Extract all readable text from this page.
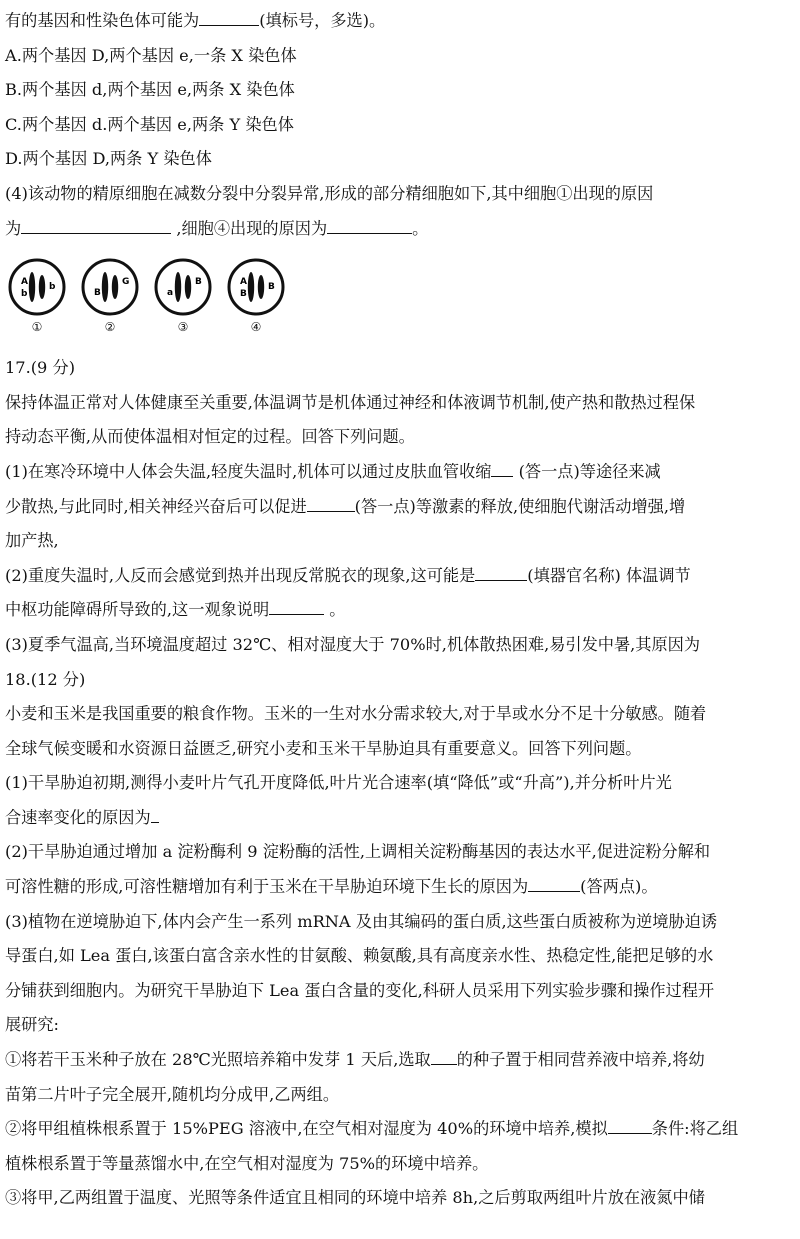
有的基因和性染色体可能为	(填标号，多选)。
A.两个基因 D,两个基因 e,一条 X 染色体
B.两个基因 d,两个基因 e,两条 X 染色体
C.两个基因 d.两个基因 e,两条 Y 染色体
D.两个基因 D,两条 Y 染色体
(4)该动物的精原细胞在减数分裂中分裂异常,形成的部分精细胞如下,其中细胞①出现的原因
为	,细胞④出现的原因为	。
17.(9 分)
保持体温正常对人体健康至关重要,体温调节是机体通过神经和体液调节机制,使产热和散热过程保
持动态平衡,从而使体温相对恒定的过程。回答下列问题。
(1)在寒冷环境中人体会失温,轻度失温时,机体可以通过皮肤血管收缩 (答一点)等途径来减
少散热,与此同时,相关神经兴奋后可以促进	(答一点)等激素的释放,使细胞代谢活动增强,增
加产热,
(2)重度失温时,人反而会感觉到热并出现反常脱衣的现象,这可能是	(填器官名称) 体温调节
中枢功能障碍所导致的,这一观象说明	。
(3)夏季气温高,当环境温度超过 32℃、相对湿度大于 70%时,机体散热困难,易引发中暑,其原因为
18.(12 分)
小麦和玉米是我国重要的粮食作物。玉米的一生对水分需求较大,对于旱或水分不足十分敏感。随着
全球气候变暖和水资源日益匮乏,研究小麦和玉米干旱胁迫具有重要意义。回答下列问题。
(1)干旱胁迫初期,测得小麦叶片气孔开度降低,叶片光合速率(填“降低”或“升高”),并分析叶片光
合速率变化的原因为
(2)干旱胁迫通过增加 a 淀粉酶利 9 淀粉酶的活性,上调相关淀粉酶基因的表达水平,促进淀粉分解和
可溶性糖的形成,可溶性糖增加有利于玉米在干旱胁迫环境下生长的原因为	(答两点)。
(3)植物在逆境胁迫下,体内会产生一系列 mRNA 及由其编码的蛋白质,这些蛋白质被称为逆境胁迫诱
导蛋白,如 Lea 蛋白,该蛋白富含亲水性的甘氨酸、赖氨酸,具有高度亲水性、热稳定性,能把足够的水
分铺获到细胞内。为研究干旱胁迫下 Lea 蛋白含量的变化,科研人员采用下列实验步骤和操作过程开
展研究:
①将若干玉米种子放在 28℃光照培养箱中发芽 1 天后,选取 的种子置于相同营养液中培养,将幼
苗第二片叶子完全展开,随机均分成甲,乙两组。
②将甲组植株根系置于 15%PEG 溶液中,在空气相对湿度为 40%的环境中培养,模拟	条件:将乙组
植株根系置于等量蒸馏水中,在空气相对湿度为 75%的环境中培养。
③将甲,乙两组置于温度、光照等条件适宜且相同的环境中培养 8h,之后剪取两组叶片放在液氮中储
A
b
b
B
G
a
B	A
B
B
①	②	③	④
